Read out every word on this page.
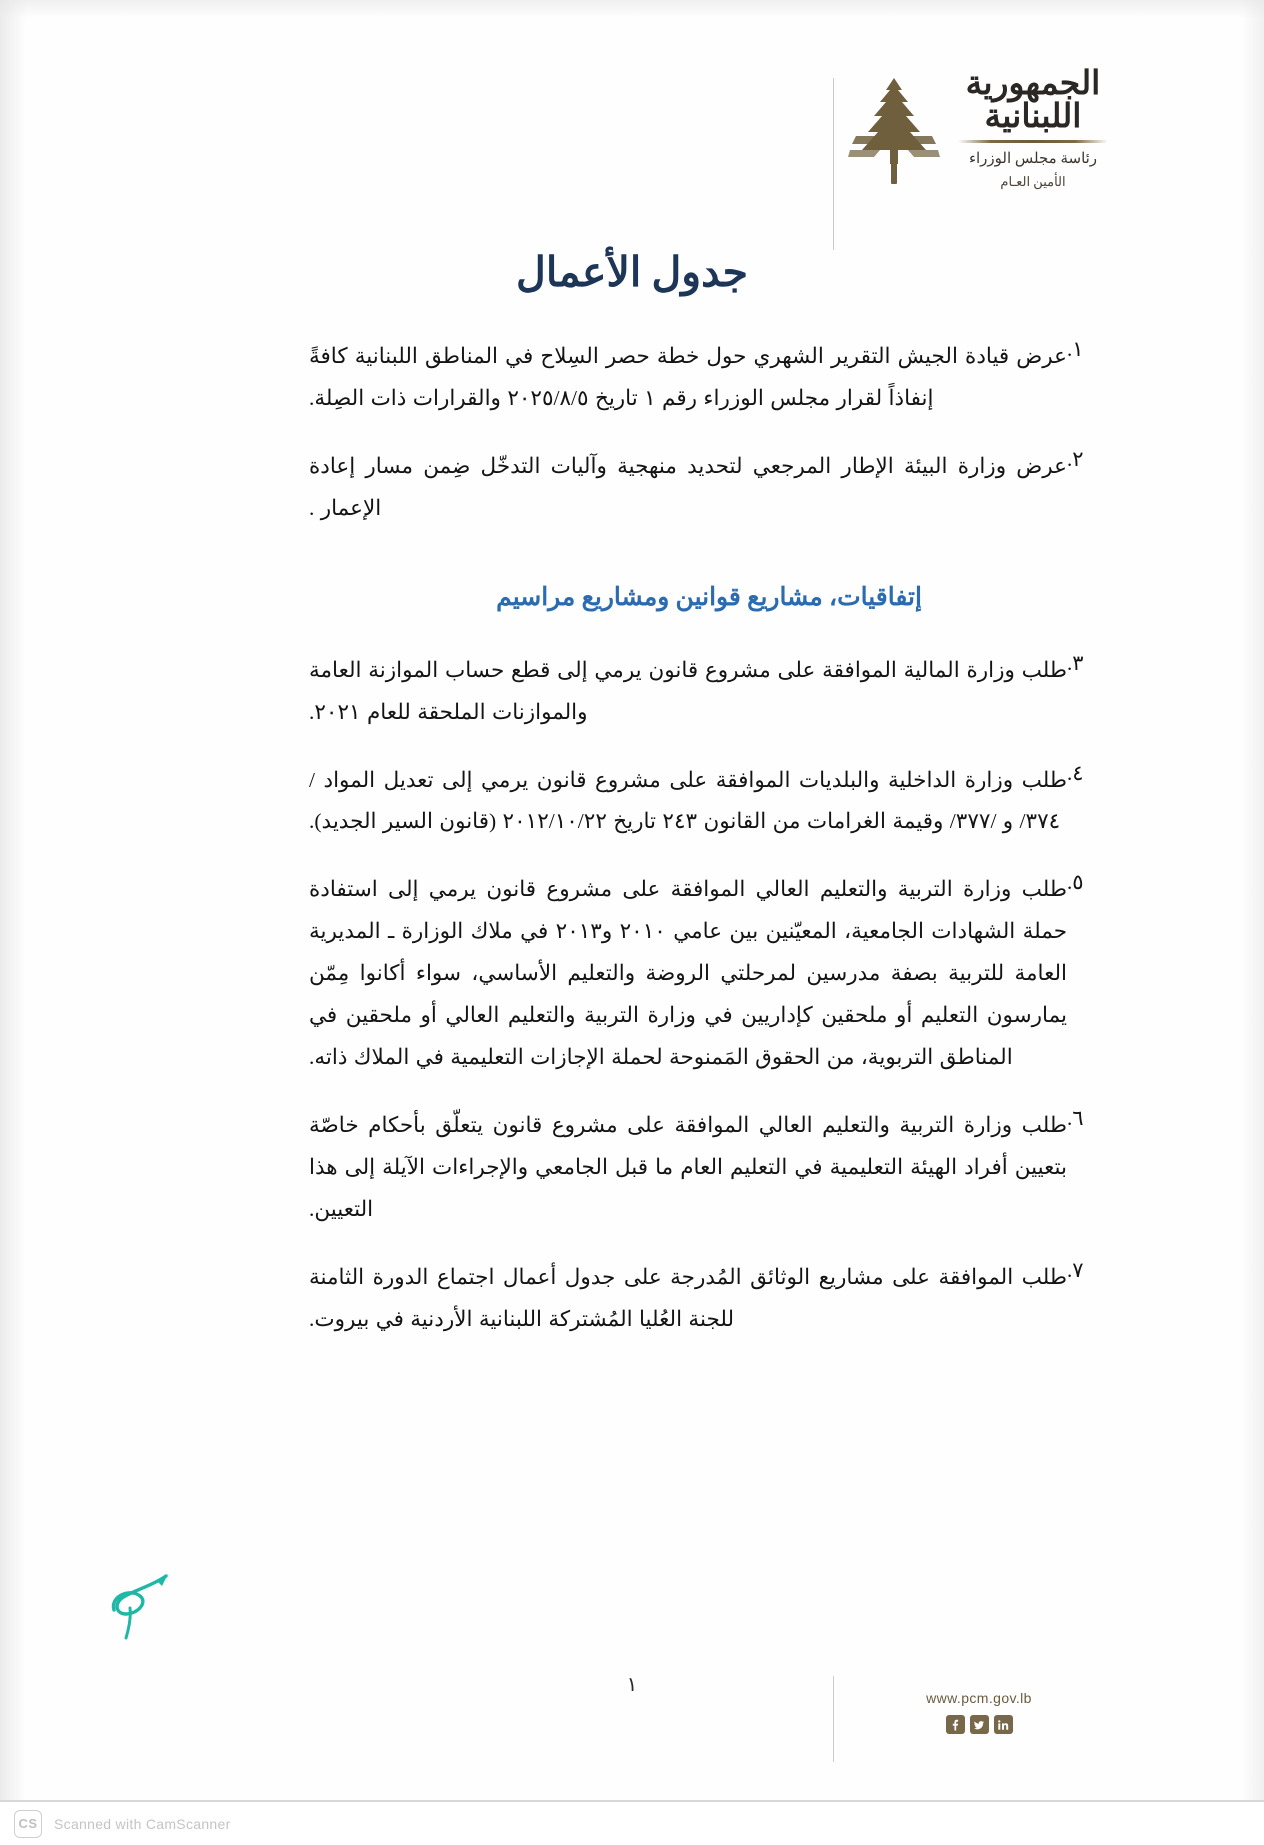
الجمهورية
اللبنانية
رئاسة مجلس الوزراء
الأمين العـام
جدول الأعمال
١.
عرض قيادة الجيش التقرير الشهري حول خطة حصر السِلاح في المناطق اللبنانية كافةً إنفاذاً لقرار مجلس الوزراء رقم ١ تاريخ ٢٠٢٥/٨/٥ والقرارات ذات الصِلة.
٢.
عرض وزارة البيئة الإطار المرجعي لتحديد منهجية وآليات التدخّل ضِمن مسار إعادة الإعمار .
إتفاقيات، مشاريع قوانين ومشاريع مراسيم
٣.
طلب وزارة المالية الموافقة على مشروع قانون يرمي إلى قطع حساب الموازنة العامة والموازنات الملحقة للعام ٢٠٢١.
٤.
طلب وزارة الداخلية والبلديات الموافقة على مشروع قانون يرمي إلى تعديل المواد /٣٧٤/ و /٣٧٧/ وقيمة الغرامات من القانون ٢٤٣ تاريخ ٢٠١٢/١٠/٢٢ (قانون السير الجديد).
٥.
طلب وزارة التربية والتعليم العالي الموافقة على مشروع قانون يرمي إلى استفادة حملة الشهادات الجامعية، المعيّنين بين عامي ٢٠١٠ و٢٠١٣ في ملاك الوزارة ـ المديرية العامة للتربية بصفة مدرسين لمرحلتي الروضة والتعليم الأساسي، سواء أكانوا مِمّن يمارسون التعليم أو ملحقين كإداريين في وزارة التربية والتعليم العالي أو ملحقين في المناطق التربوية، من الحقوق المَمنوحة لحملة الإجازات التعليمية في الملاك ذاته.
٦.
طلب وزارة التربية والتعليم العالي الموافقة على مشروع قانون يتعلّق بأحكام خاصّة بتعيين أفراد الهيئة التعليمية في التعليم العام ما قبل الجامعي والإجراءات الآيلة إلى هذا التعيين.
٧.
طلب الموافقة على مشاريع الوثائق المُدرجة على جدول أعمال اجتماع الدورة الثامنة للجنة العُليا المُشتركة اللبنانية الأردنية في بيروت.
١
www.pcm.gov.lb
CS	Scanned with CamScanner
